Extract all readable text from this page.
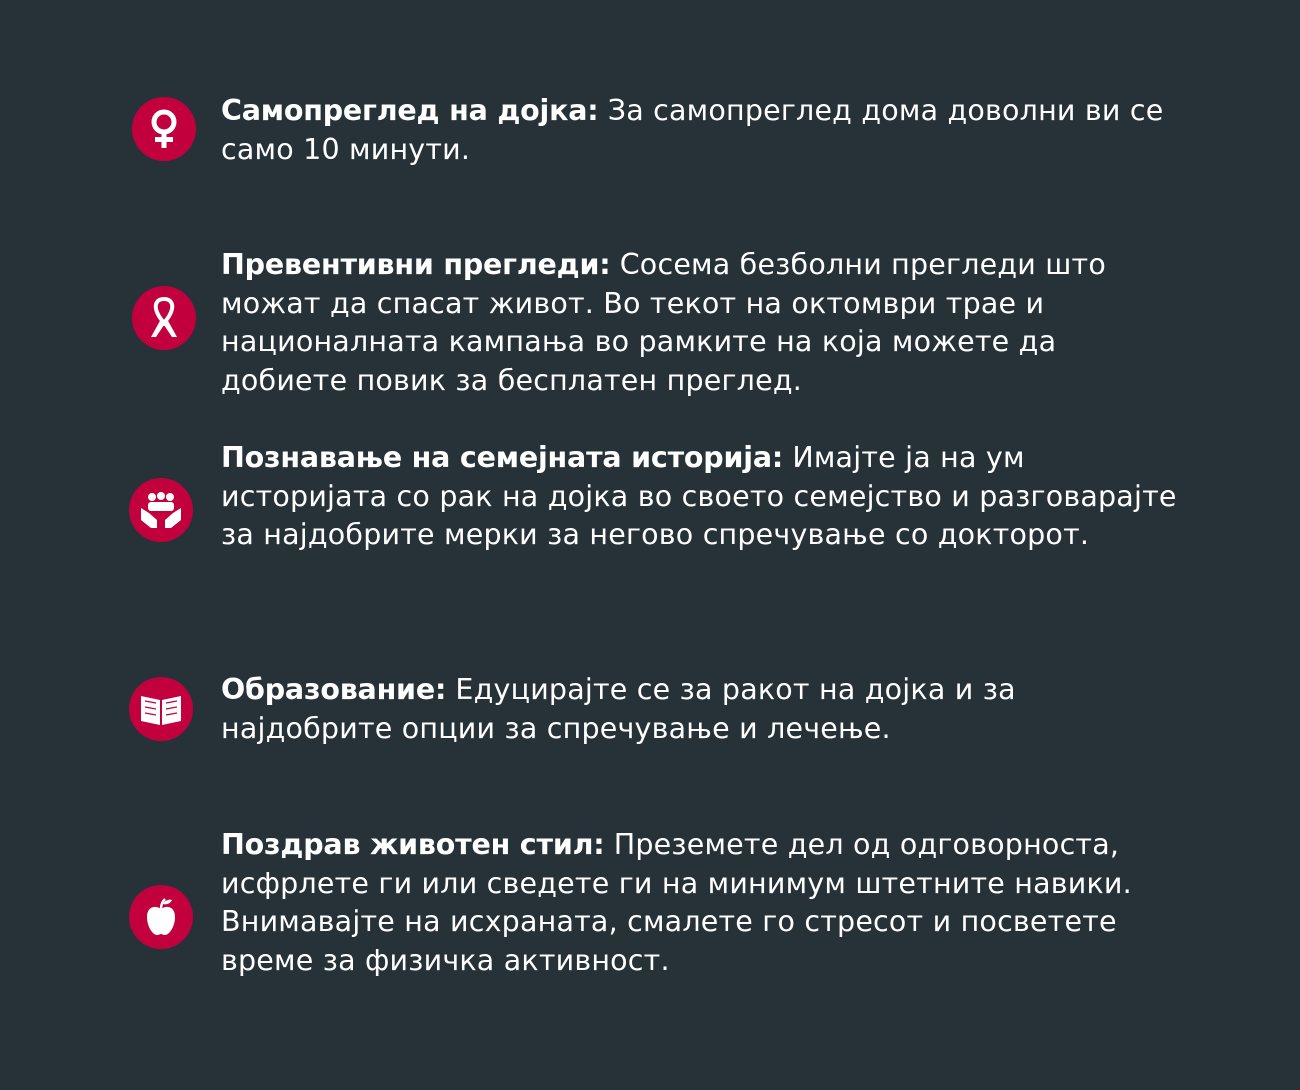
Самопреглед на дојка: За самопреглед дома доволни ви се само 10 минути.
Превентивни прегледи: Сосема безболни прегледи што можат да спасат живот. Во текот на октомври трае и националната кампања во рамките на која можете да добиете повик за бесплатен преглед.
Познавање на семејната историја: Имајте ја на ум историјата со рак на дојка во своето семејство и разговарајте за најдобрите мерки за негово спречување со докторот.
Образование: Едуцирајте се за ракот на дојка и за најдобрите опции за спречување и лечење.
Поздрав животен стил: Преземете дел од одговорноста, исфрлете ги или сведете ги на минимум штетните навики. Внимавајте на исхраната, смалете го стресот и посветете време за физичка активност.
